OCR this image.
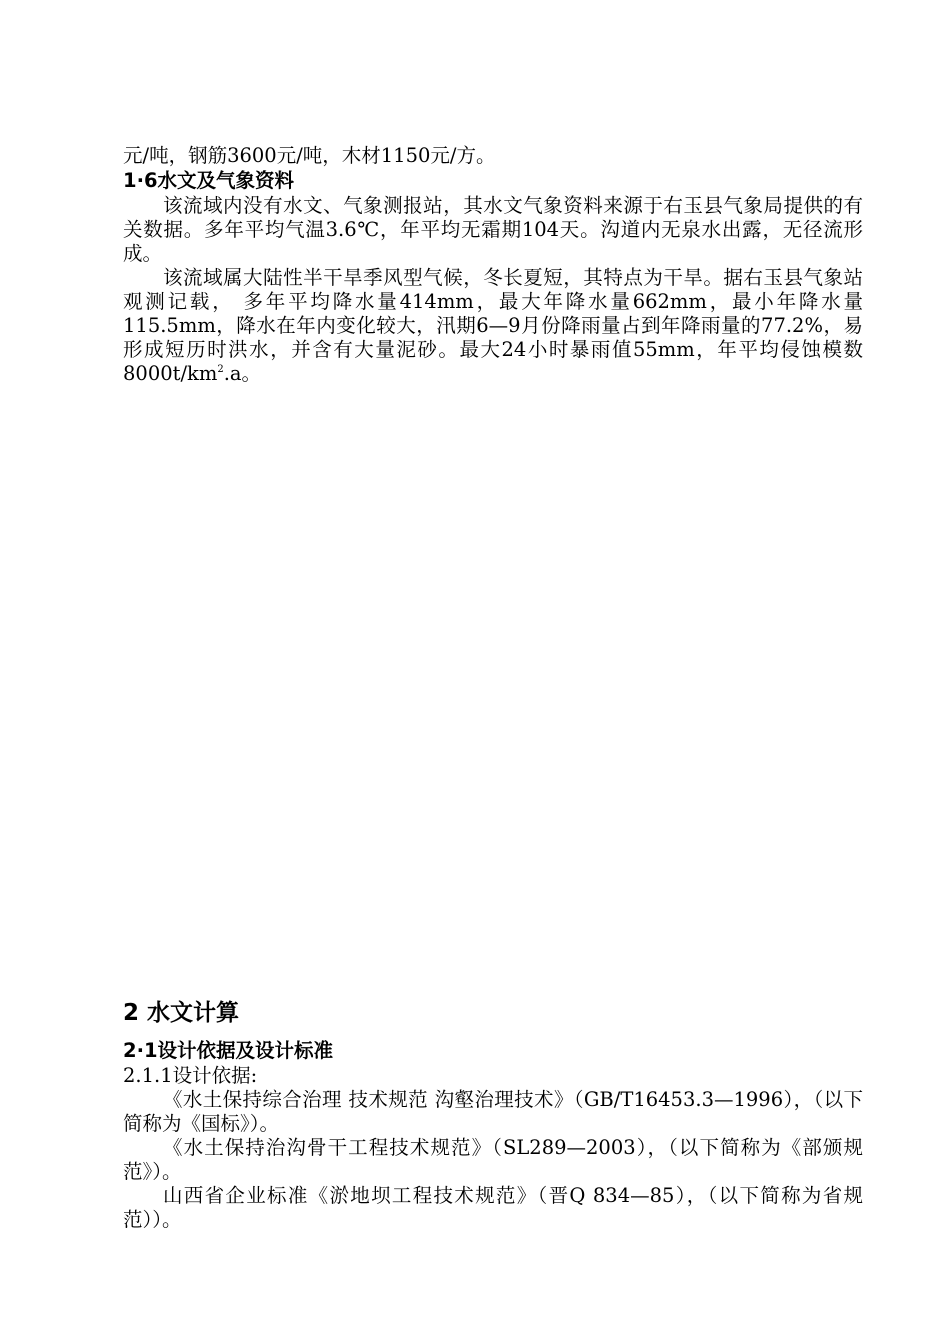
元/吨，钢筋3600元/吨，木材1150元/方。

1·6水文及气象资料

该流域内没有水文、气象测报站，其水文气象资料来源于右玉县气象局提供的有关数据。多年平均气温3.6℃，年平均无霜期104天。沟道内无泉水出露，无径流形成。

该流域属大陆性半干旱季风型气候，冬长夏短，其特点为干旱。据右玉县气象站观测记载， 多年平均降水量414mm，最大年降水量662mm，最小年降水量115.5mm，降水在年内变化较大，汛期6—9月份降雨量占到年降雨量的77.2%，易形成短历时洪水，并含有大量泥砂。最大24小时暴雨值55mm，年平均侵蚀模数$8000t/km^2.a$。

2 水文计算

2·1设计依据及设计标准

2.1.1设计依据:

《水土保持综合治理 技术规范 沟壑治理技术》（GB/T16453.3—1996），（以下简称为《国标》）。

《水土保持治沟骨干工程技术规范》（SL289—2003），（以下简称为《部颁规范》）。

山西省企业标准《淤地坝工程技术规范》（晋Q 834—85），（以下简称为省规范））。
